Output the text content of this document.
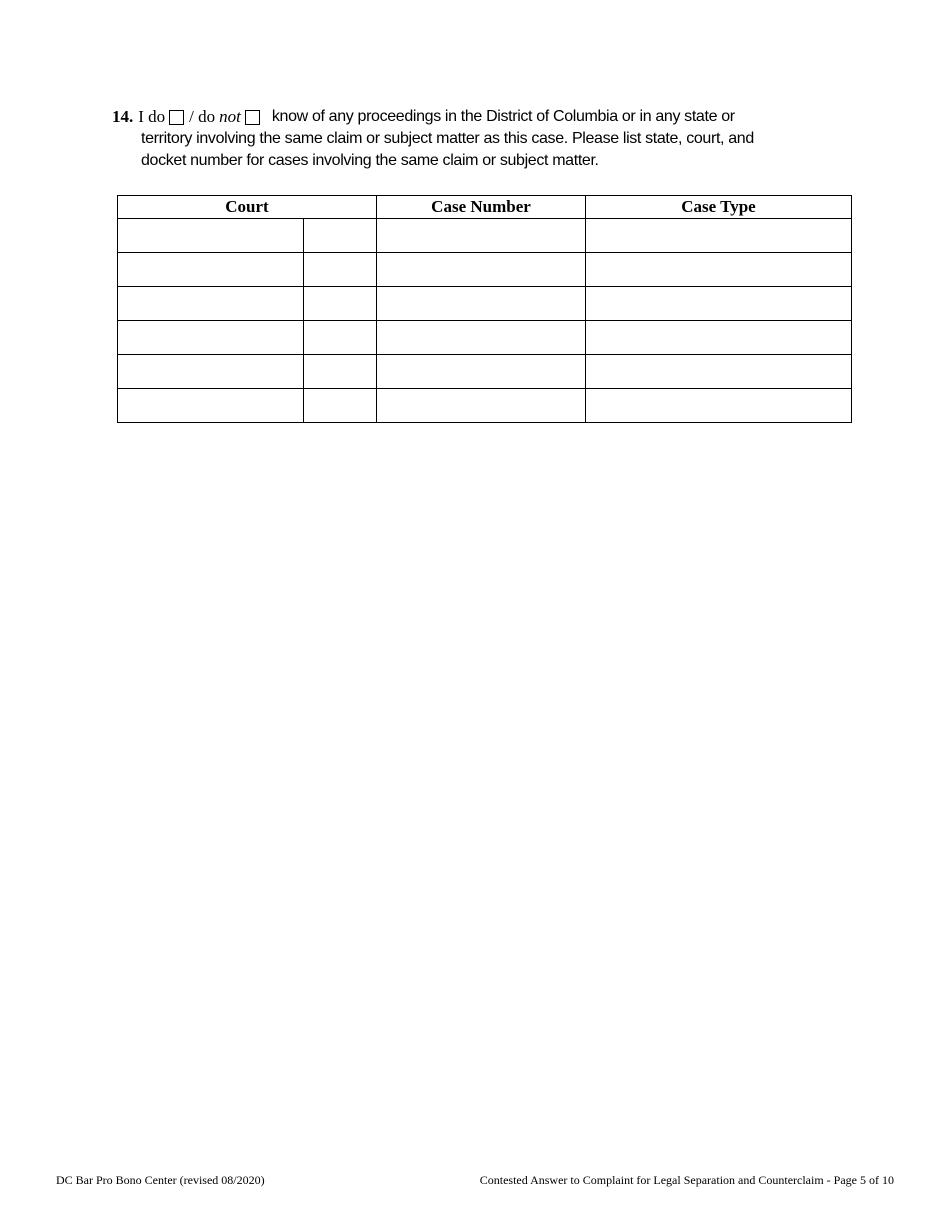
14. I do / do not know of any proceedings in the District of Columbia or in any state or
territory involving the same claim or subject matter as this case. Please list state, court, and
docket number for cases involving the same claim or subject matter.
Court	Case Number	Case Type

DC Bar Pro Bono Center (revised 08/2020)	Contested Answer to Complaint for Legal Separation and Counterclaim - Page 5 of 10
